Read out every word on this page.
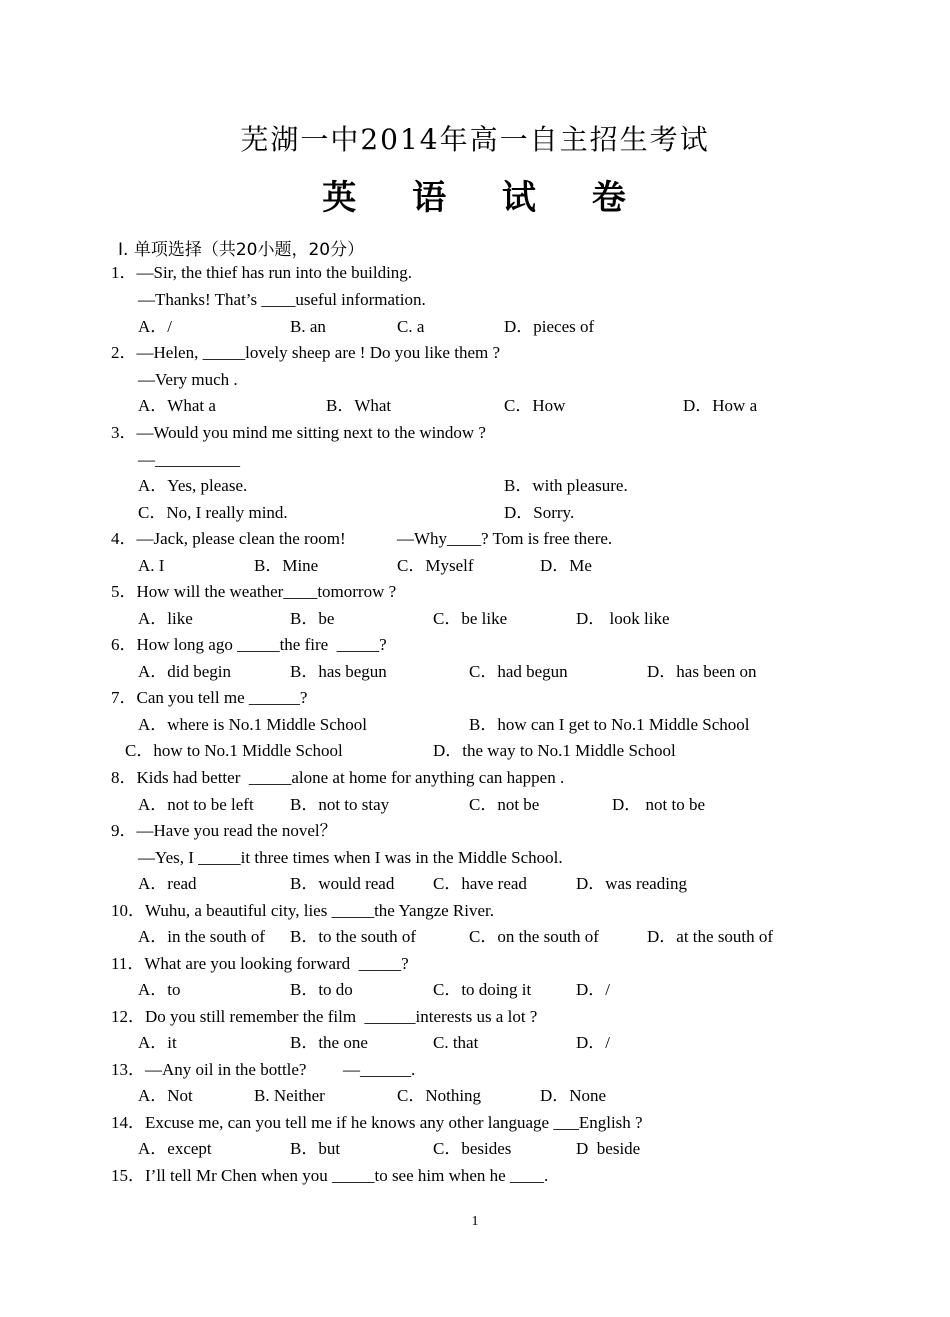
芜湖一中2014年高一自主招生考试
英 语 试 卷
Ⅰ. 单项选择（共20小题，20分）
1．—Sir, the thief has run into the building.
—Thanks! That’s ____useful information.
A．/	B. an	C. a	D．pieces of
2．—Helen, _____lovely sheep are ! Do you like them ?
—Very much .
A．What a	B．What	C．How	D．How a
3．—Would you mind me sitting next to the window ?
—__________
A．Yes, please.	B．with pleasure.
C．No, I really mind.	D．Sorry.
4．—Jack, please clean the room!	—Why____? Tom is free there.
A. I	B．Mine	C．Myself	D．Me
5．How will the weather____tomorrow ?
A．like	B．be	C．be like	D． look like
6．How long ago _____the fire  _____?
A．did begin	B．has begun	C．had begun	D．has been on
7．Can you tell me ______?
A．where is No.1 Middle School	B．how can I get to No.1 Middle School
C．how to No.1 Middle School	D．the way to No.1 Middle School
8．Kids had better  _____alone at home for anything can happen .
A．not to be left B．not to stay	C．not be	D． not to be
9．—Have you read the novel？
—Yes, I _____it three times when I was in the Middle School.
A．read	B．would read C．have read	D．was reading
10．Wuhu, a beautiful city, lies _____the Yangze River.
A．in the south of B．to the south of	C．on the south of	D．at the south of
11．What are you looking forward  _____?
A．to	B．to do	C．to doing it	D．/
12．Do you still remember the film  ______interests us a lot ?
A．it	B．the one	C. that	D．/
13．—Any oil in the bottle? —______.
A．Not	B. Neither	C．Nothing	D．None
14．Excuse me, can you tell me if he knows any other language ___English ?
A．except	B．but	C．besides	D  beside
15．I’ll tell Mr Chen when you _____to see him when he ____.
1
